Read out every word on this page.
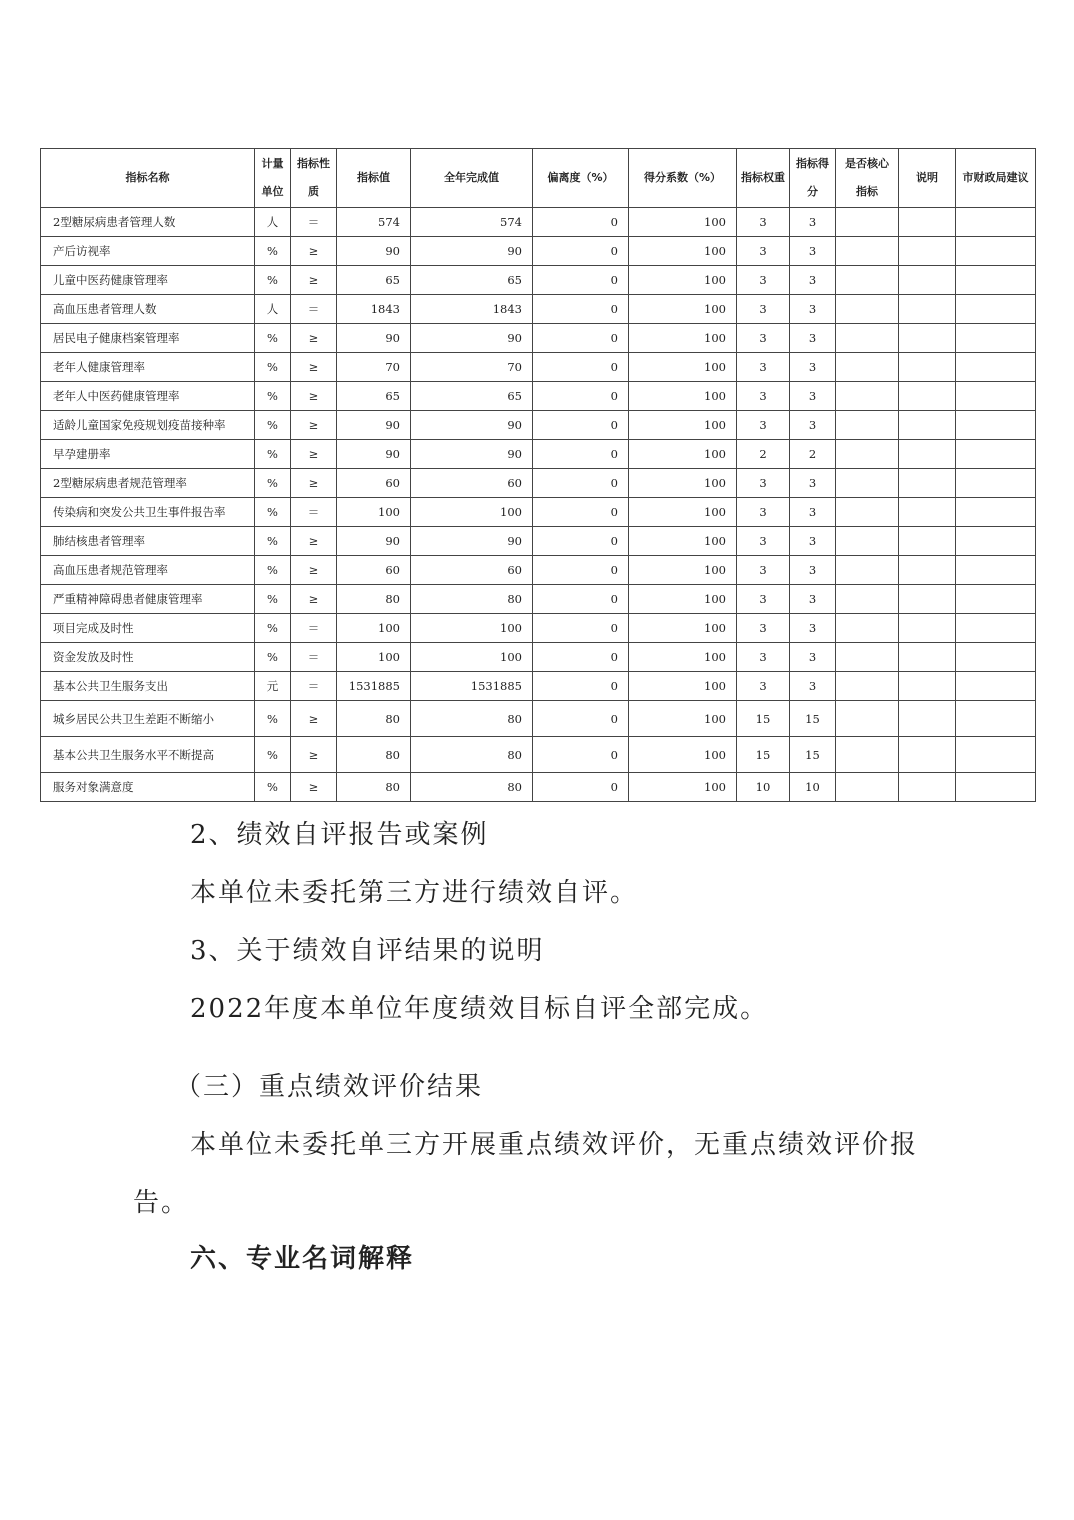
指标名称	计量单位	指标性质	指标值	全年完成值	偏离度（%）	得分系数（%）	指标权重	指标得分	是否核心指标	说明	市财政局建议
2型糖尿病患者管理人数	人	＝	574	574	0	100	3	3			
产后访视率	%	≥	90	90	0	100	3	3			
儿童中医药健康管理率	%	≥	65	65	0	100	3	3			
高血压患者管理人数	人	＝	1843	1843	0	100	3	3			
居民电子健康档案管理率	%	≥	90	90	0	100	3	3			
老年人健康管理率	%	≥	70	70	0	100	3	3			
老年人中医药健康管理率	%	≥	65	65	0	100	3	3			
适龄儿童国家免疫规划疫苗接种率	%	≥	90	90	0	100	3	3			
早孕建册率	%	≥	90	90	0	100	2	2			
2型糖尿病患者规范管理率	%	≥	60	60	0	100	3	3			
传染病和突发公共卫生事件报告率	%	＝	100	100	0	100	3	3			
肺结核患者管理率	%	≥	90	90	0	100	3	3			
高血压患者规范管理率	%	≥	60	60	0	100	3	3			
严重精神障碍患者健康管理率	%	≥	80	80	0	100	3	3			
项目完成及时性	%	＝	100	100	0	100	3	3			
资金发放及时性	%	＝	100	100	0	100	3	3			
基本公共卫生服务支出	元	＝	1531885	1531885	0	100	3	3			
城乡居民公共卫生差距不断缩小	%	≥	80	80	0	100	15	15			
基本公共卫生服务水平不断提高	%	≥	80	80	0	100	15	15			
服务对象满意度	%	≥	80	80	0	100	10	10			
2、绩效自评报告或案例
本单位未委托第三方进行绩效自评。
3、关于绩效自评结果的说明
2022年度本单位年度绩效目标自评全部完成。
（三）重点绩效评价结果
本单位未委托单三方开展重点绩效评价，无重点绩效评价报
告。
六、专业名词解释
